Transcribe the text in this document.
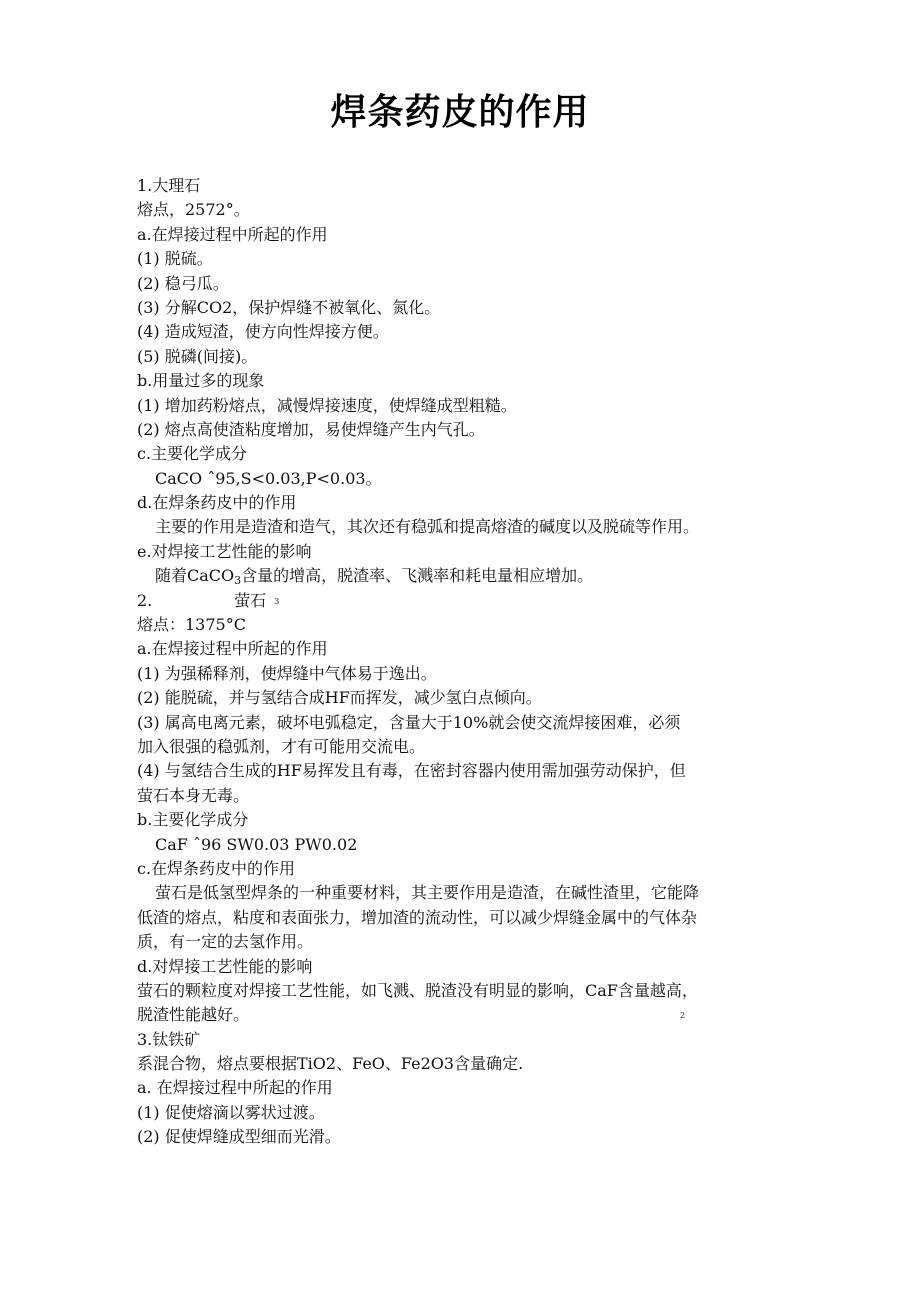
焊条药皮的作用

1.大理石

熔点，2572°。

a.在焊接过程中所起的作用

(1) 脱硫。

(2) 稳弓瓜。

(3) 分解CO2，保护焊缝不被氧化、氮化。

(4) 造成短渣，使方向性焊接方便。

(5) 脱磷(间接)。

b.用量过多的现象

(1) 增加药粉熔点，减慢焊接速度，使焊缝成型粗糙。

(2) 熔点高使渣粘度增加，易使焊缝产生内气孔。

c.主要化学成分

CaCO ˆ95,S<0.03,P<0.03。

d.在焊条药皮中的作用

主要的作用是造渣和造气，其次还有稳弧和提高熔渣的碱度以及脱硫等作用。

e.对焊接工艺性能的影响

随着CaCO$_3$含量的增高，脱渣率、飞溅率和耗电量相应增加。

2.	萤石 3

熔点：1375°C

a.在焊接过程中所起的作用

(1) 为强稀释剂，使焊缝中气体易于逸出。

(2) 能脱硫，并与氢结合成HF而挥发，减少氢白点倾向。

(3) 属高电离元素，破坏电弧稳定，含量大于10%就会使交流焊接困难，必须

加入很强的稳弧剂，才有可能用交流电。

(4) 与氢结合生成的HF易挥发且有毒，在密封容器内使用需加强劳动保护，但

萤石本身无毒。

b.主要化学成分

CaF ˆ96 SW0.03 PW0.02

c.在焊条药皮中的作用

萤石是低氢型焊条的一种重要材料，其主要作用是造渣，在碱性渣里，它能降

低渣的熔点，粘度和表面张力，增加渣的流动性，可以减少焊缝金属中的气体杂

质，有一定的去氢作用。

d.对焊接工艺性能的影响

萤石的颗粒度对焊接工艺性能，如飞溅、脱渣没有明显的影响，CaF含量越高，

脱渣性能越好。

3.钛铁矿

系混合物，熔点要根据TiO2、FeO、Fe2O3含量确定.

a. 在焊接过程中所起的作用

(1) 促使熔滴以雾状过渡。

(2) 促使焊缝成型细而光滑。

2
